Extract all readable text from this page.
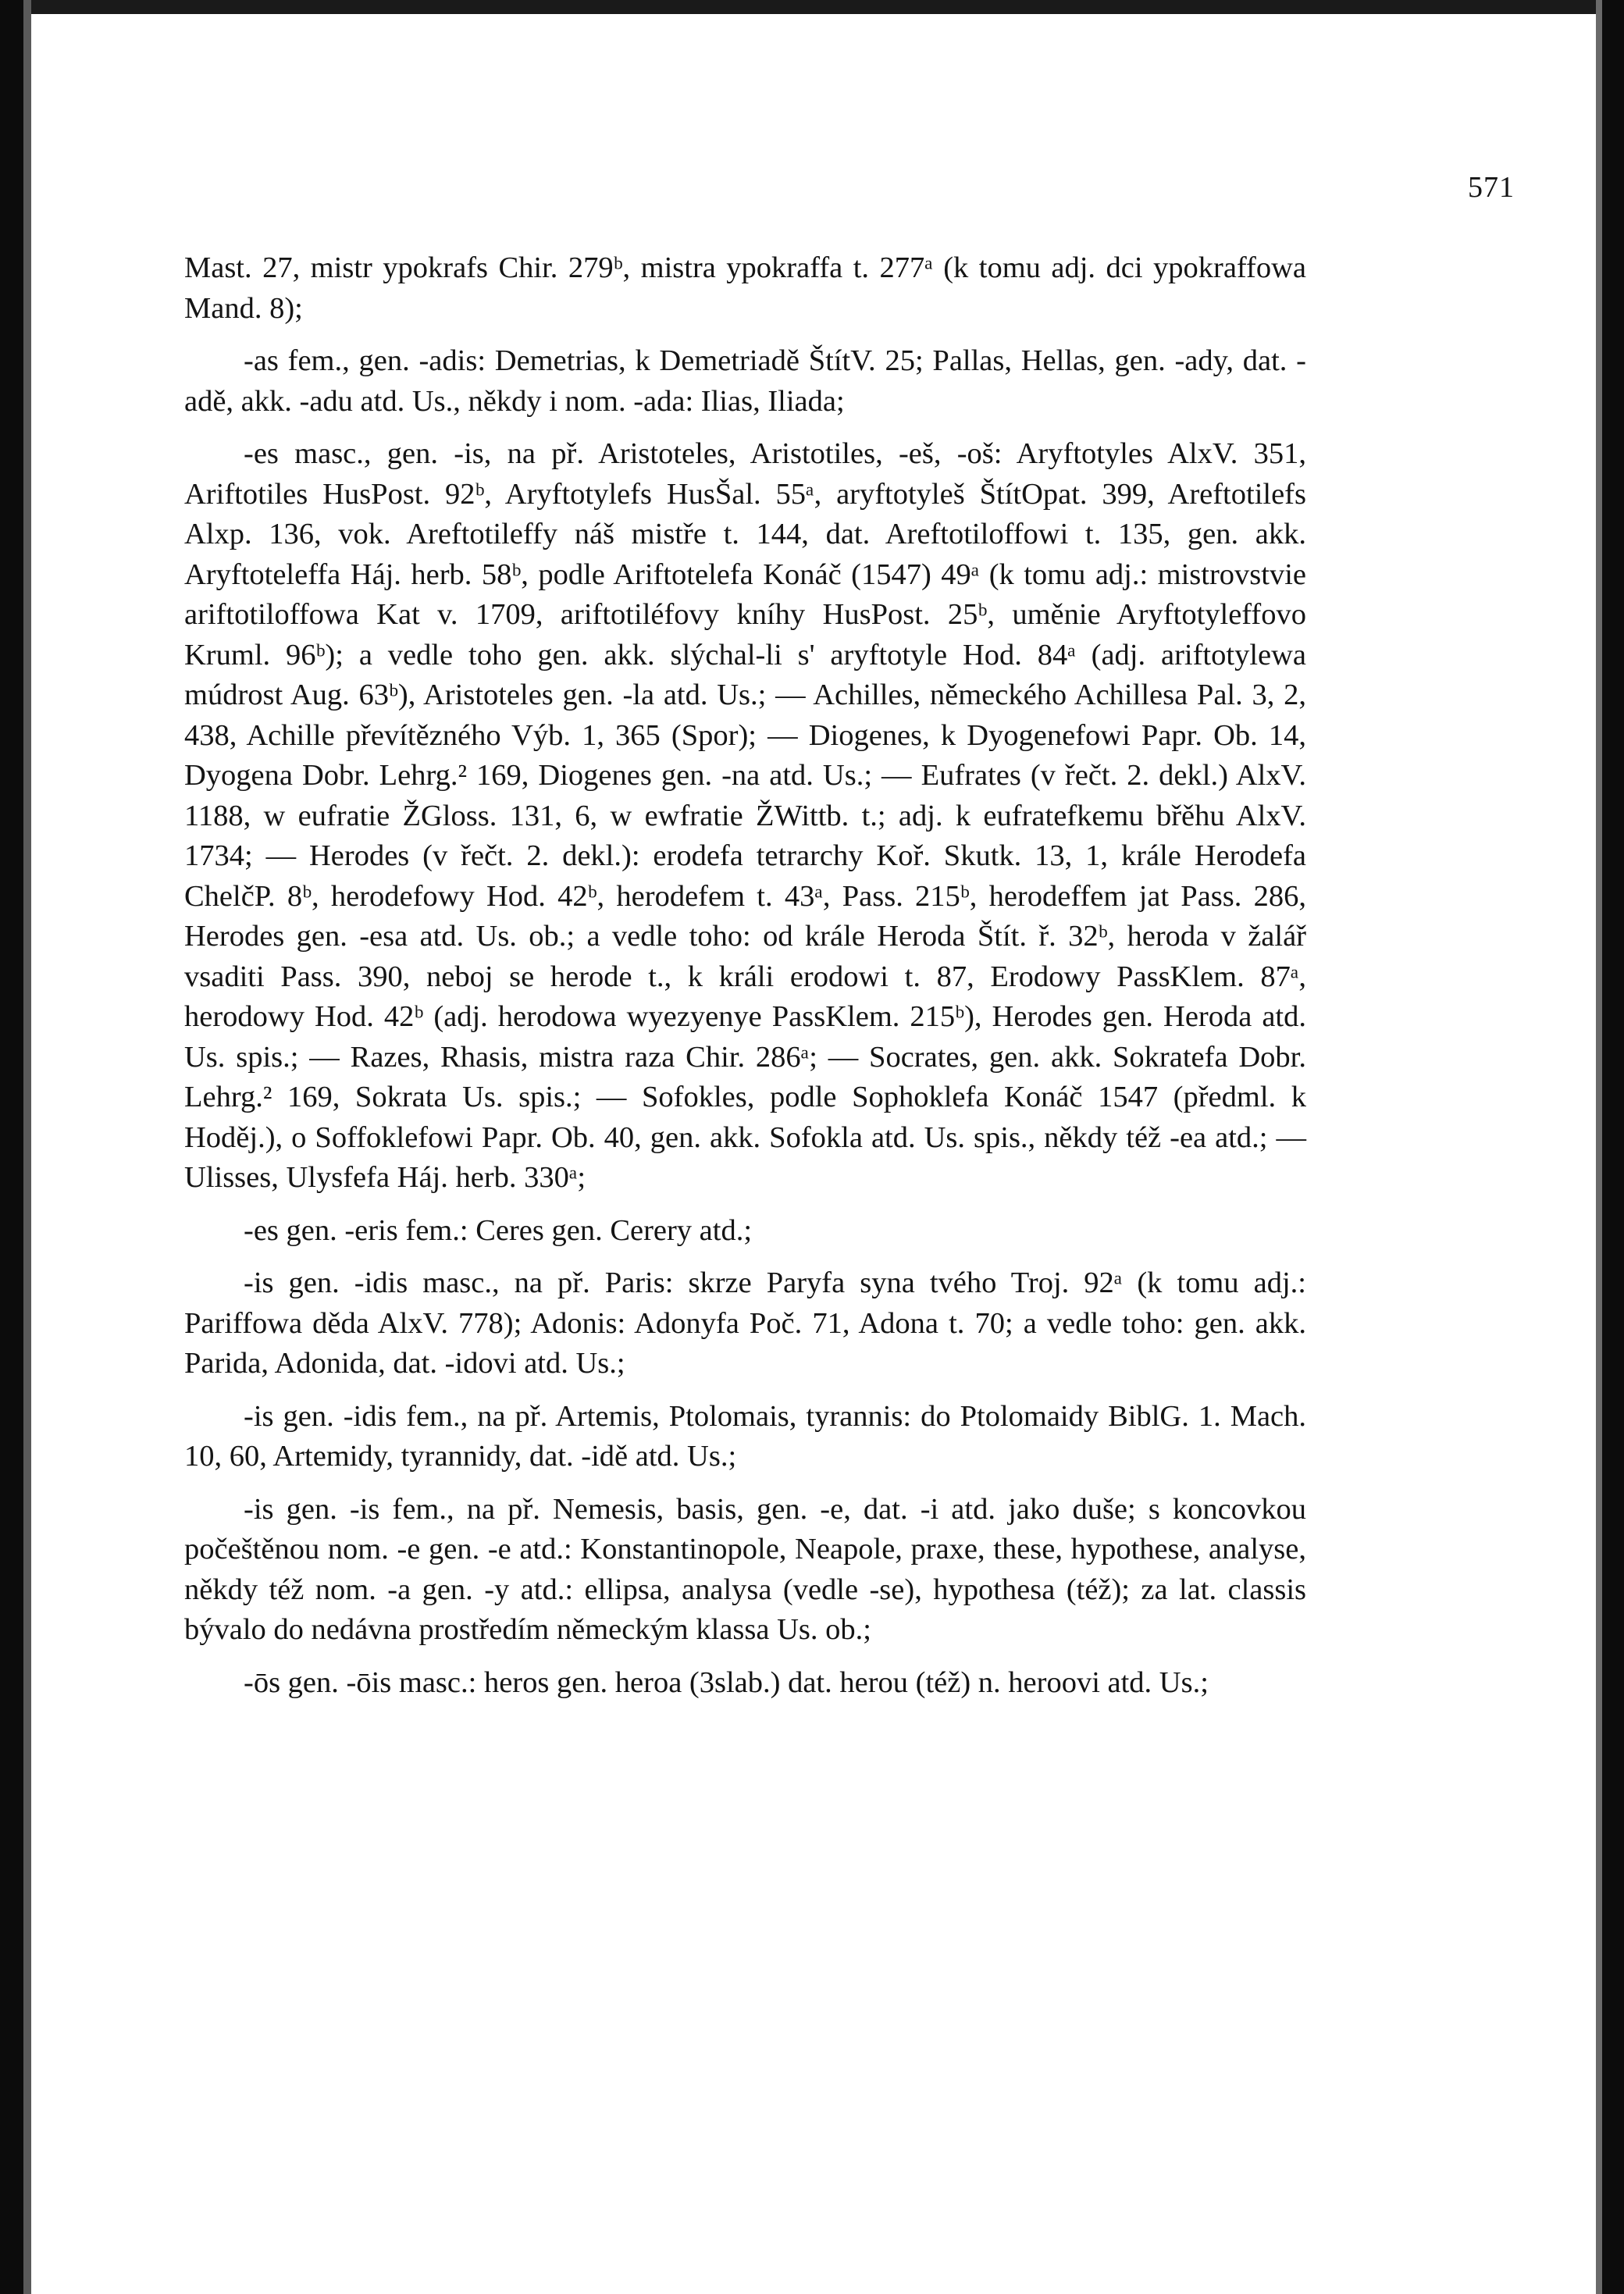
571

Mast. 27, mistr ypokrafs Chir. 279ᵇ, mistra ypokraffa t. 277ᵃ (k tomu adj. dci ypokraffowa Mand. 8);

-as fem., gen. -adis: Demetrias, k Demetriadě ŠtítV. 25; Pallas, Hellas, gen. -ady, dat. -adě, akk. -adu atd. Us., někdy i nom. -ada: Ilias, Iliada;

-es masc., gen. -is, na př. Aristoteles, Aristotiles, -eš, -oš: Aryftotyles AlxV. 351, Ariftotiles HusPost. 92ᵇ, Aryftotylefs HusŠal. 55ᵃ, aryftotyleš ŠtítOpat. 399, Areftotilefs Alxp. 136, vok. Areftotileffy náš mistře t. 144, dat. Areftotiloffowi t. 135, gen. akk. Aryftoteleffa Háj. herb. 58ᵇ, podle Ariftotelefa Konáč (1547) 49ᵃ (k tomu adj.: mistrovstvie ariftotiloffowa Kat v. 1709, ariftotiléfovy kníhy HusPost. 25ᵇ, uměnie Aryftotyleffovo Kruml. 96ᵇ); a vedle toho gen. akk. slýchal-li s' aryftotyle Hod. 84ᵃ (adj. ariftotylewa múdrost Aug. 63ᵇ), Aristoteles gen. -la atd. Us.; — Achilles, německého Achillesa Pal. 3, 2, 438, Achille převítězného Výb. 1, 365 (Spor); — Diogenes, k Dyogenefowi Papr. Ob. 14, Dyogena Dobr. Lehrg.² 169, Diogenes gen. -na atd. Us.; — Eufrates (v řečt. 2. dekl.) AlxV. 1188, w eufratie ŽGloss. 131, 6, w ewfratie ŽWittb. t.; adj. k eufratefkemu břěhu AlxV. 1734; — Herodes (v řečt. 2. dekl.): erodefa tetrarchy Koř. Skutk. 13, 1, krále Herodefa ChelčP. 8ᵇ, herodefowy Hod. 42ᵇ, herodefem t. 43ᵃ, Pass. 215ᵇ, herodeffem jat Pass. 286, Herodes gen. -esa atd. Us. ob.; a vedle toho: od krále Heroda Štít. ř. 32ᵇ, heroda v žalář vsaditi Pass. 390, neboj se herode t., k králi erodowi t. 87, Erodowy PassKlem. 87ᵃ, herodowy Hod. 42ᵇ (adj. herodowa wyezyenye PassKlem. 215ᵇ), Herodes gen. Heroda atd. Us. spis.; — Razes, Rhasis, mistra raza Chir. 286ᵃ; — Socrates, gen. akk. Sokratefa Dobr. Lehrg.² 169, Sokrata Us. spis.; — Sofokles, podle Sophoklefa Konáč 1547 (předml. k Hoděj.), o Soffoklefowi Papr. Ob. 40, gen. akk. Sofokla atd. Us. spis., někdy též -ea atd.; — Ulisses, Ulysfefa Háj. herb. 330ᵃ;

-es gen. -eris fem.: Ceres gen. Cerery atd.;

-is gen. -idis masc., na př. Paris: skrze Paryfa syna tvého Troj. 92ᵃ (k tomu adj.: Pariffowa děda AlxV. 778); Adonis: Adonyfa Poč. 71, Adona t. 70; a vedle toho: gen. akk. Parida, Adonida, dat. -idovi atd. Us.;

-is gen. -idis fem., na př. Artemis, Ptolomais, tyrannis: do Ptolomaidy BiblG. 1. Mach. 10, 60, Artemidy, tyrannidy, dat. -idě atd. Us.;

-is gen. -is fem., na př. Nemesis, basis, gen. -e, dat. -i atd. jako duše; s koncovkou počeštěnou nom. -e gen. -e atd.: Konstantinopole, Neapole, praxe, these, hypothese, analyse, někdy též nom. -a gen. -y atd.: ellipsa, analysa (vedle -se), hypothesa (též); za lat. classis bývalo do nedávna prostředím německým klassa Us. ob.;

-ōs gen. -ōis masc.: heros gen. heroa (3slab.) dat. herou (též) n. heroovi atd. Us.;
